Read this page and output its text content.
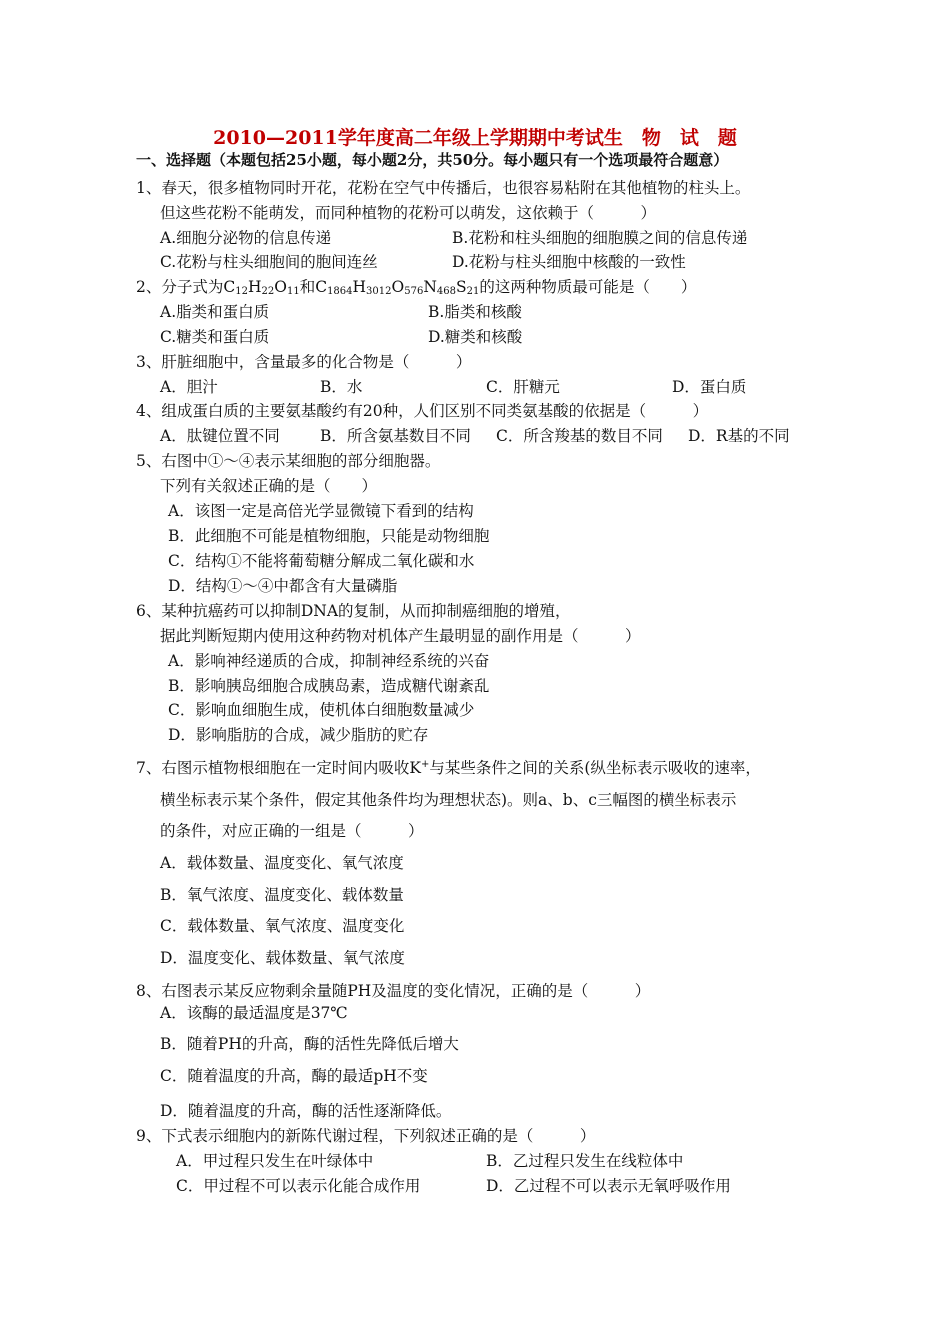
2010—2011学年度高二年级上学期期中考试生　物　试　题
一、选择题（本题包括25小题，每小题2分，共50分。每小题只有一个选项最符合题意）
1、春天，很多植物同时开花，花粉在空气中传播后，也很容易粘附在其他植物的柱头上。
但这些花粉不能萌发，而同种植物的花粉可以萌发，这依赖于（　　　）
A.细胞分泌物的信息传递	B.花粉和柱头细胞的细胞膜之间的信息传递
C.花粉与柱头细胞间的胞间连丝	D.花粉与柱头细胞中核酸的一致性
2、分子式为$C_{12}H_{22}O_{11}$和$C_{1864}H_{3012}O_{576}N_{468}S_{21}$的这两种物质最可能是（　　）
A.脂类和蛋白质	B.脂类和核酸
C.糖类和蛋白质	D.糖类和核酸
3、肝脏细胞中，含量最多的化合物是（　　　）
A．胆汁	B．水	C．肝糖元	D．蛋白质
4、组成蛋白质的主要氨基酸约有20种，人们区别不同类氨基酸的依据是（　　　）
A．肽键位置不同	B．所含氨基数目不同 C．所含羧基的数目不同 D．R基的不同
5、右图中①～④表示某细胞的部分细胞器。
下列有关叙述正确的是（　　）
A．该图一定是高倍光学显微镜下看到的结构
B．此细胞不可能是植物细胞，只能是动物细胞
C．结构①不能将葡萄糖分解成二氧化碳和水
D．结构①～④中都含有大量磷脂
6、某种抗癌药可以抑制DNA的复制，从而抑制癌细胞的增殖，
据此判断短期内使用这种药物对机体产生最明显的副作用是（　　　）
A．影响神经递质的合成，抑制神经系统的兴奋
B．影响胰岛细胞合成胰岛素，造成糖代谢紊乱
C．影响血细胞生成，使机体白细胞数量减少
D．影响脂肪的合成，减少脂肪的贮存
7、右图示植物根细胞在一定时间内吸收K+与某些条件之间的关系(纵坐标表示吸收的速率，
横坐标表示某个条件，假定其他条件均为理想状态)。则a、b、c三幅图的横坐标表示
的条件，对应正确的一组是（　　　）
A．载体数量、温度变化、氧气浓度
B．氧气浓度、温度变化、载体数量
C．载体数量、氧气浓度、温度变化
D．温度变化、载体数量、氧气浓度
8、右图表示某反应物剩余量随PH及温度的变化情况，正确的是（　　　）
A．该酶的最适温度是37℃
B．随着PH的升高，酶的活性先降低后增大
C．随着温度的升高，酶的最适pH不变
D．随着温度的升高，酶的活性逐渐降低。
9、下式表示细胞内的新陈代谢过程，下列叙述正确的是（　　　）
A．甲过程只发生在叶绿体中	B．乙过程只发生在线粒体中
C．甲过程不可以表示化能合成作用	D．乙过程不可以表示无氧呼吸作用
